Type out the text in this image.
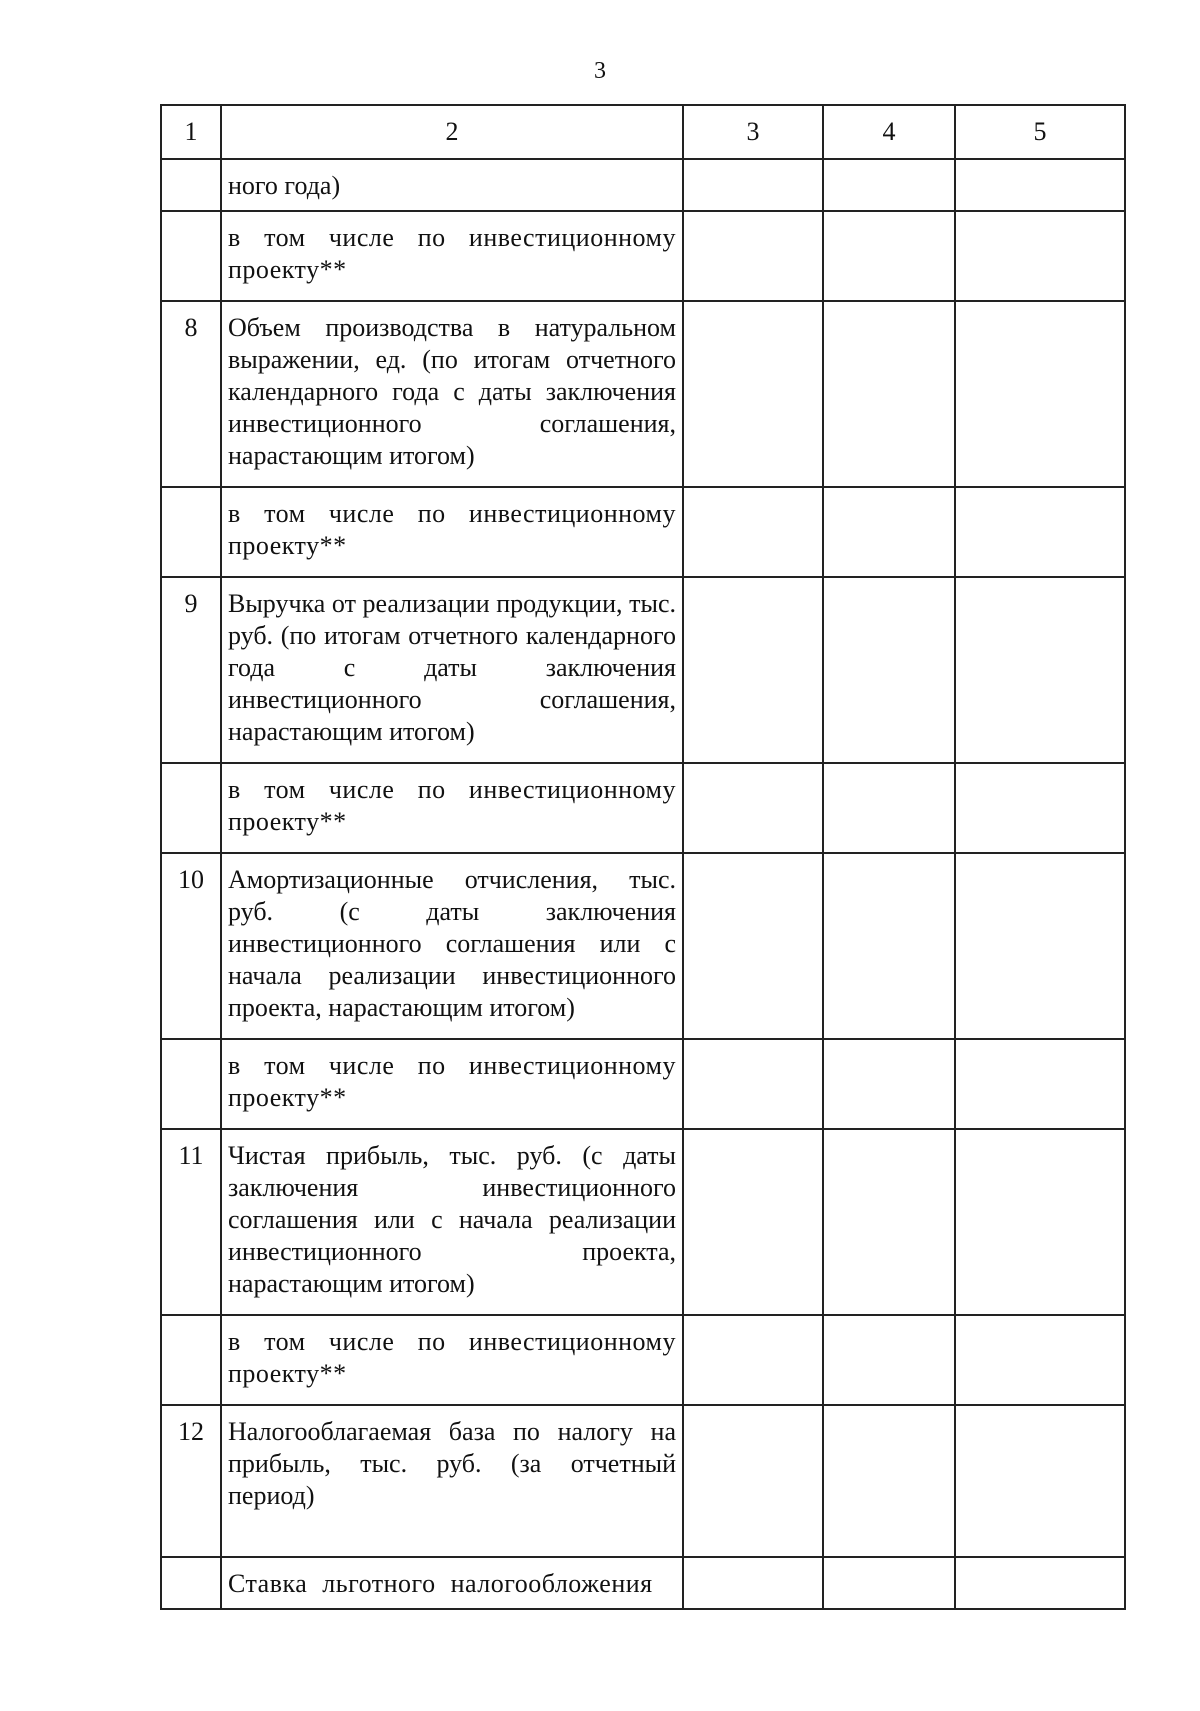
3
1	2	3	4	5
	ного года)			
	в том числе по инвестиционному проекту**			
8	Объем производства в натуральном выражении, ед. (по итогам отчетного календарного года с даты заключения инвестиционного соглашения, нарастающим итогом)			
	в том числе по инвестиционному проекту**			
9	Выручка от реализации продукции, тыс. руб. (по итогам отчетного календарного года с даты заключения инвестиционного соглашения, нарастающим итогом)			
	в том числе по инвестиционному проекту**			
10	Амортизационные отчисления, тыс. руб. (с даты заключения инвестиционного соглашения или с начала реализации инвестиционного проекта, нарастающим итогом)			
	в том числе по инвестиционному проекту**			
11	Чистая прибыль, тыс. руб. (с даты заключения инвестиционного соглашения или с начала реализации инвестиционного проекта, нарастающим итогом)			
	в том числе по инвестиционному проекту**			
12	Налогооблагаемая база по налогу на прибыль, тыс. руб. (за отчетный период)			
	Ставка льготного налогообложения			
